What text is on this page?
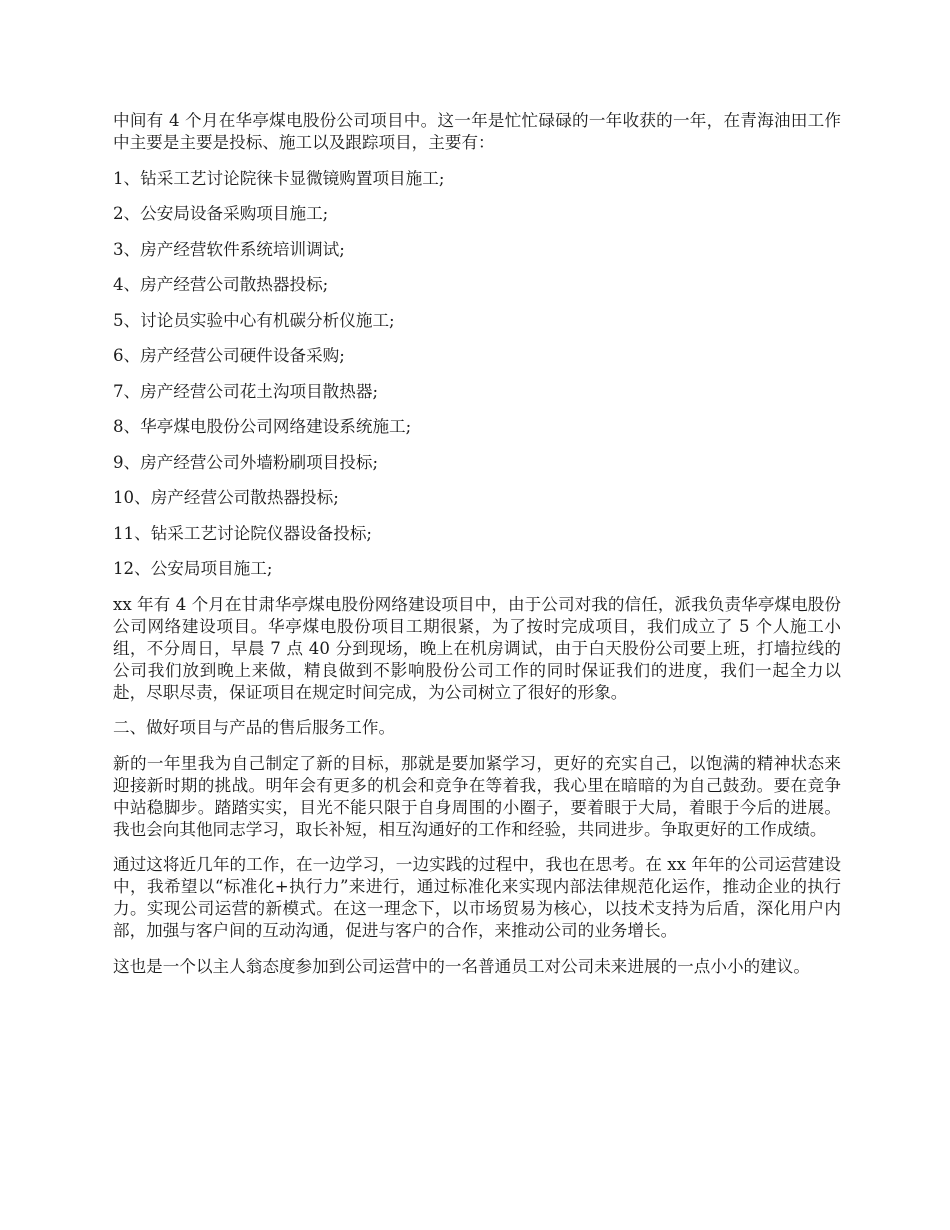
中间有 4 个月在华亭煤电股份公司项目中。这一年是忙忙碌碌的一年收获的一年，在青海油田工作中主要是主要是投标、施工以及跟踪项目，主要有：

1、钻采工艺讨论院徕卡显微镜购置项目施工;

2、公安局设备采购项目施工;

3、房产经营软件系统培训调试;

4、房产经营公司散热器投标;

5、讨论员实验中心有机碳分析仪施工;

6、房产经营公司硬件设备采购;

7、房产经营公司花土沟项目散热器;

8、华亭煤电股份公司网络建设系统施工;

9、房产经营公司外墙粉刷项目投标;

10、房产经营公司散热器投标;

11、钻采工艺讨论院仪器设备投标;

12、公安局项目施工;

xx 年有 4 个月在甘肃华亭煤电股份网络建设项目中，由于公司对我的信任，派我负责华亭煤电股份公司网络建设项目。华亭煤电股份项目工期很紧，为了按时完成项目，我们成立了 5 个人施工小组，不分周日，早晨 7 点 40 分到现场，晚上在机房调试，由于白天股份公司要上班，打墙拉线的公司我们放到晚上来做，精良做到不影响股份公司工作的同时保证我们的进度，我们一起全力以赴，尽职尽责，保证项目在规定时间完成，为公司树立了很好的形象。

二、做好项目与产品的售后服务工作。

新的一年里我为自己制定了新的目标，那就是要加紧学习，更好的充实自己，以饱满的精神状态来迎接新时期的挑战。明年会有更多的机会和竞争在等着我，我心里在暗暗的为自己鼓劲。要在竞争中站稳脚步。踏踏实实，目光不能只限于自身周围的小圈子，要着眼于大局，着眼于今后的进展。我也会向其他同志学习，取长补短，相互沟通好的工作和经验，共同进步。争取更好的工作成绩。

通过这将近几年的工作，在一边学习，一边实践的过程中，我也在思考。在 xx 年年的公司运营建设中，我希望以“标准化+执行力”来进行，通过标准化来实现内部法律规范化运作，推动企业的执行力。实现公司运营的新模式。在这一理念下，以市场贸易为核心，以技术支持为后盾，深化用户内部，加强与客户间的互动沟通，促进与客户的合作，来推动公司的业务增长。

这也是一个以主人翁态度参加到公司运营中的一名普通员工对公司未来进展的一点小小的建议。
